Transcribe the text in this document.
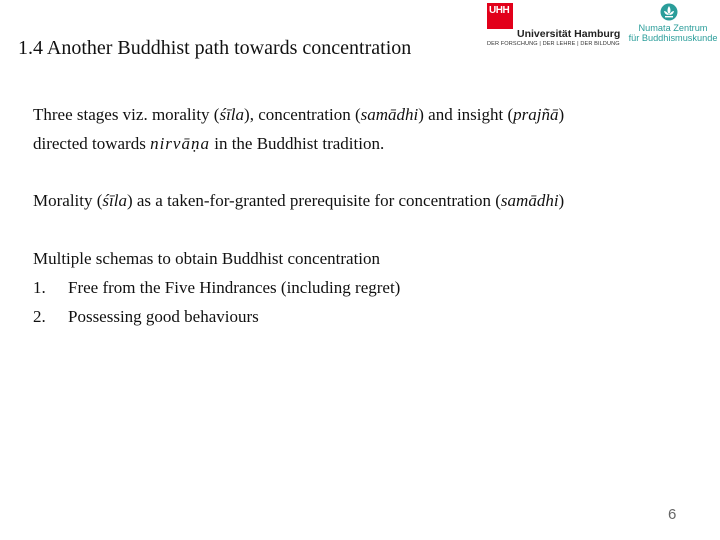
1.4 Another Buddhist path towards concentration
UHH
Universität Hamburg
DER FORSCHUNG | DER LEHRE | DER BILDUNG
Numata Zentrum
für Buddhismuskunde
Three stages viz. morality (śīla), concentration (samādhi) and insight (prajñā)
directed towards nirvāṇa in the Buddhist tradition.
Morality (śīla) as a taken-for-granted prerequisite for concentration (samādhi)
Multiple schemas to obtain Buddhist concentration
1. Free from the Five Hindrances (including regret)
2. Possessing good behaviours
6
